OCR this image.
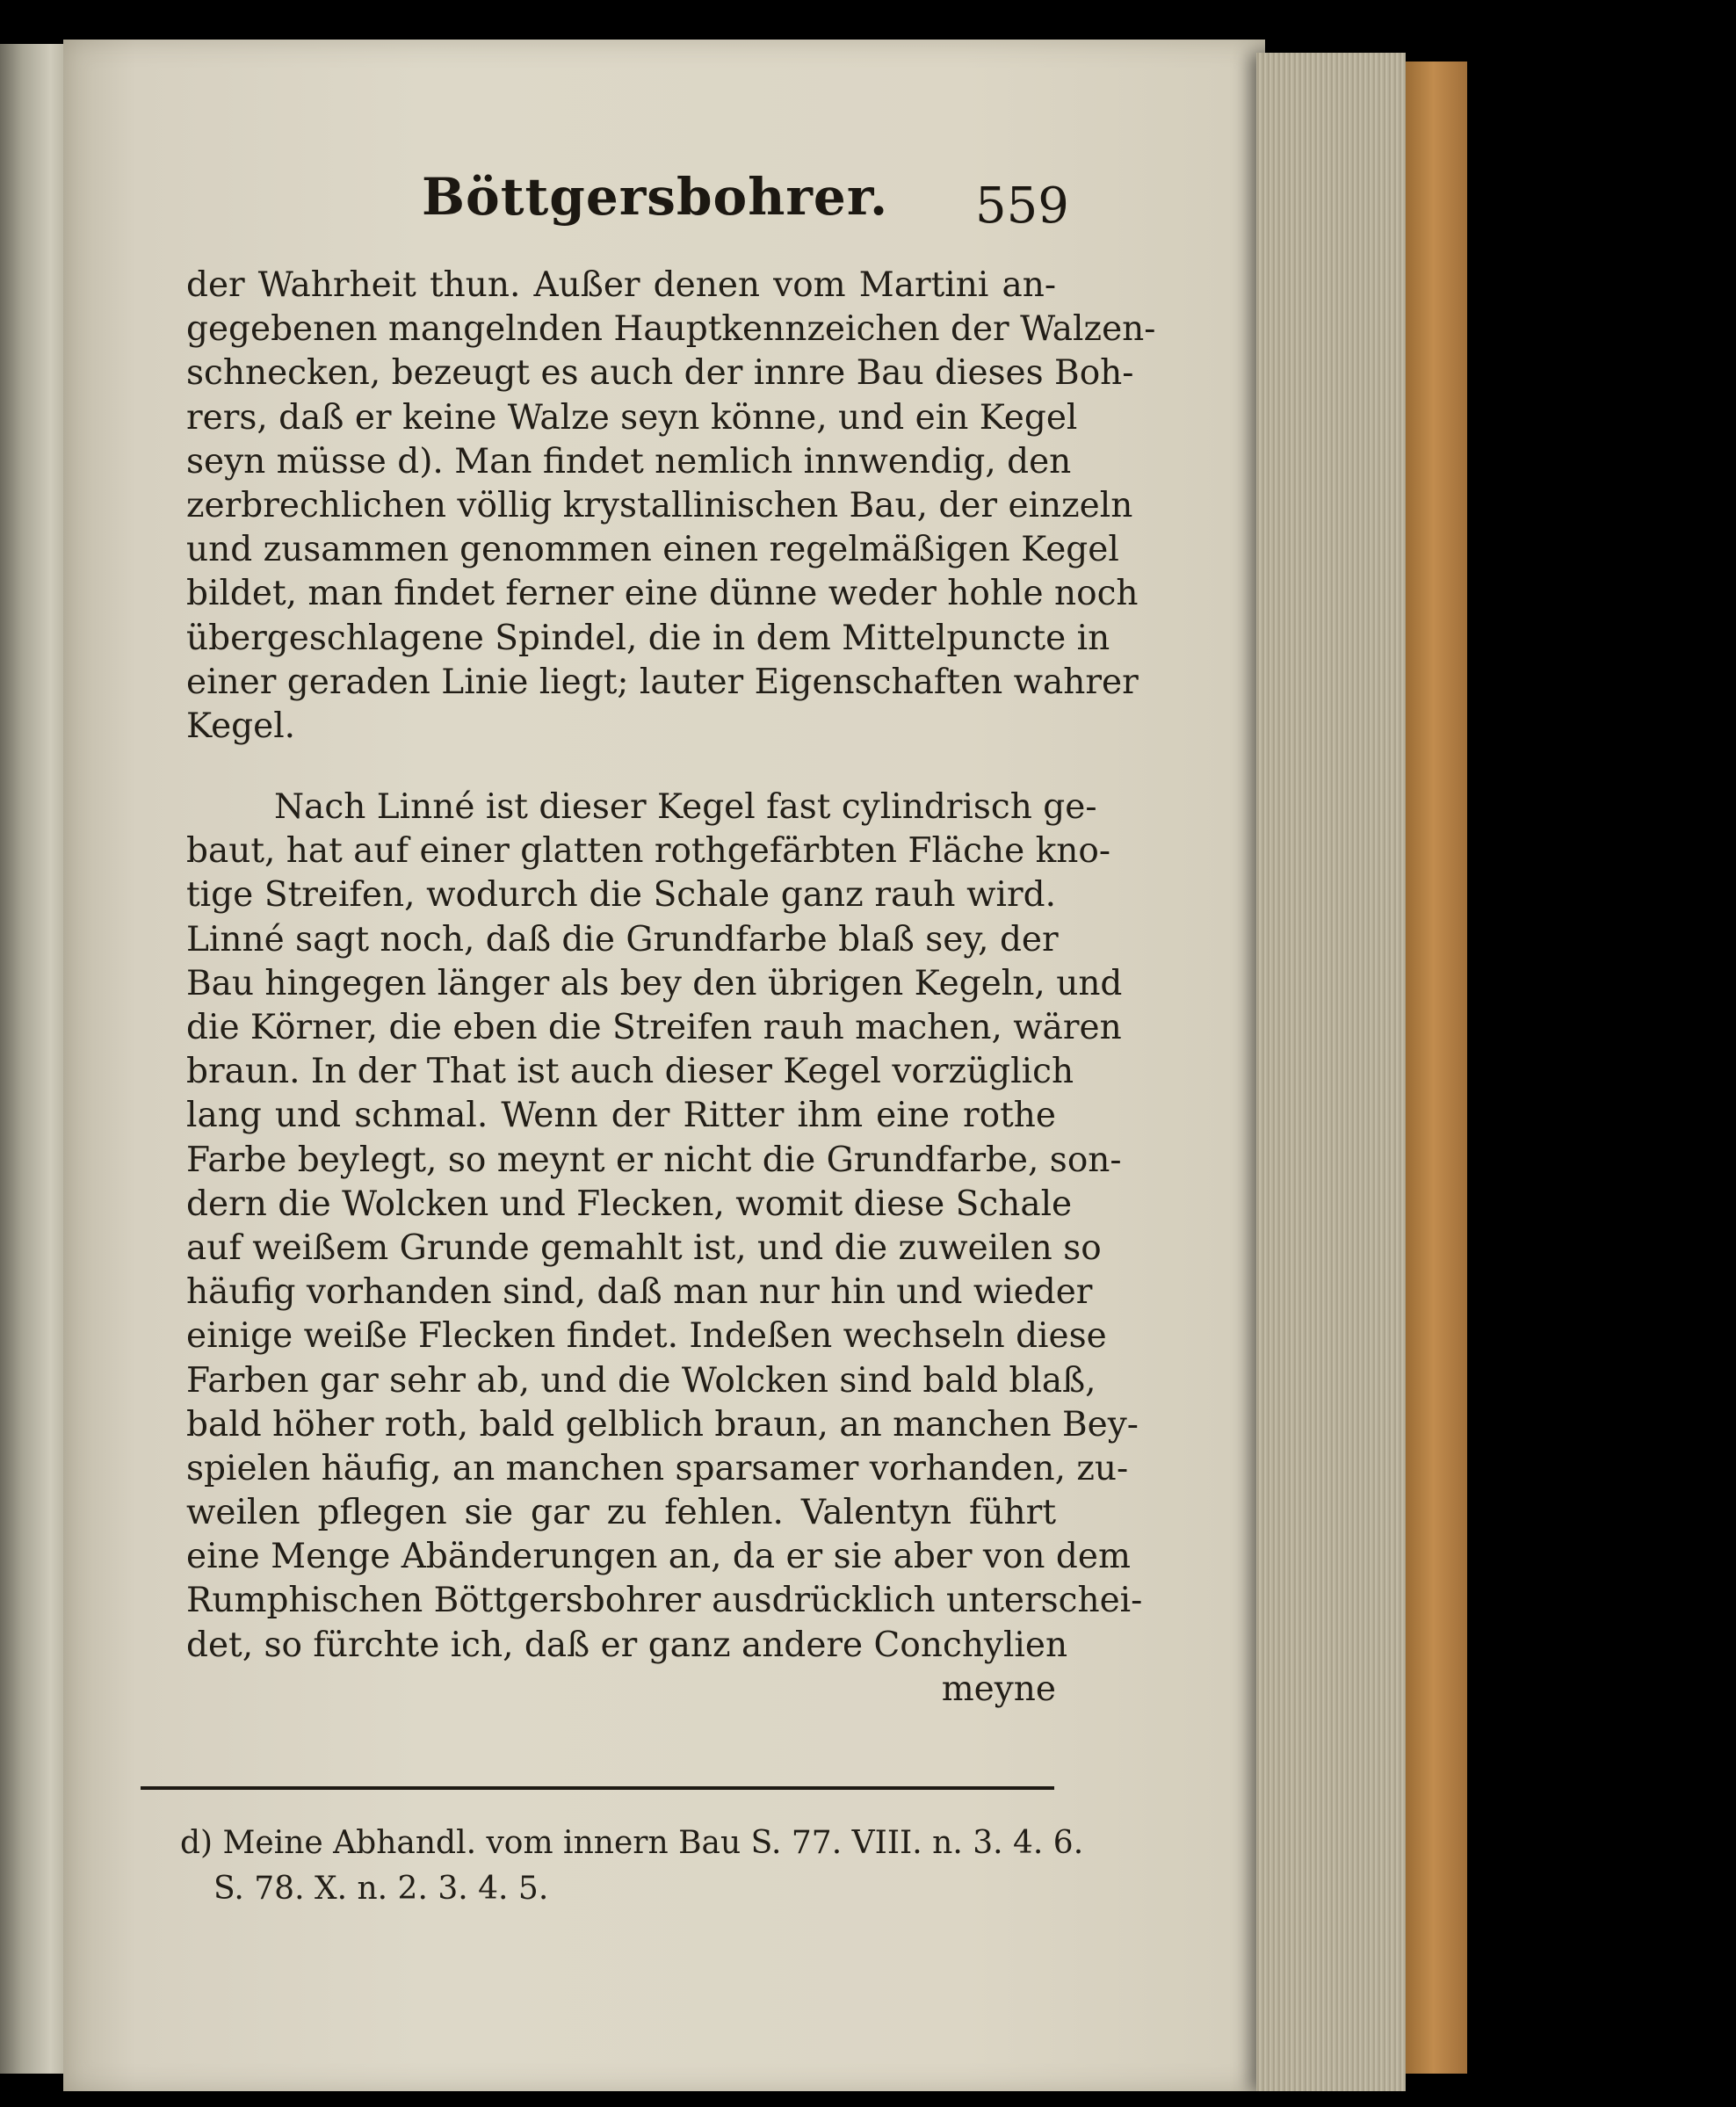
Böttgersbohrer. 559
der Wahrheit thun. Außer denen vom Martini an-
gegebenen mangelnden Hauptkennzeichen der Walzen-
schnecken, bezeugt es auch der innre Bau dieses Boh-
rers, daß er keine Walze seyn könne, und ein Kegel
seyn müsse d). Man findet nemlich innwendig, den
zerbrechlichen völlig krystallinischen Bau, der einzeln
und zusammen genommen einen regelmäßigen Kegel
bildet, man findet ferner eine dünne weder hohle noch
übergeschlagene Spindel, die in dem Mittelpuncte in
einer geraden Linie liegt; lauter Eigenschaften wahrer
Kegel.
Nach Linné ist dieser Kegel fast cylindrisch ge-
baut, hat auf einer glatten rothgefärbten Fläche kno-
tige Streifen, wodurch die Schale ganz rauh wird.
Linné sagt noch, daß die Grundfarbe blaß sey, der
Bau hingegen länger als bey den übrigen Kegeln, und
die Körner, die eben die Streifen rauh machen, wären
braun. In der That ist auch dieser Kegel vorzüglich
lang und schmal. Wenn der Ritter ihm eine rothe
Farbe beylegt, so meynt er nicht die Grundfarbe, son-
dern die Wolcken und Flecken, womit diese Schale
auf weißem Grunde gemahlt ist, und die zuweilen so
häufig vorhanden sind, daß man nur hin und wieder
einige weiße Flecken findet. Indeßen wechseln diese
Farben gar sehr ab, und die Wolcken sind bald blaß,
bald höher roth, bald gelblich braun, an manchen Bey-
spielen häufig, an manchen sparsamer vorhanden, zu-
weilen pflegen sie gar zu fehlen. Valentyn führt
eine Menge Abänderungen an, da er sie aber von dem
Rumphischen Böttgersbohrer ausdrücklich unterschei-
det, so fürchte ich, daß er ganz andere Conchylien
meyne
d) Meine Abhandl. vom innern Bau S. 77. VIII. n. 3. 4. 6.
S. 78. X. n. 2. 3. 4. 5.
